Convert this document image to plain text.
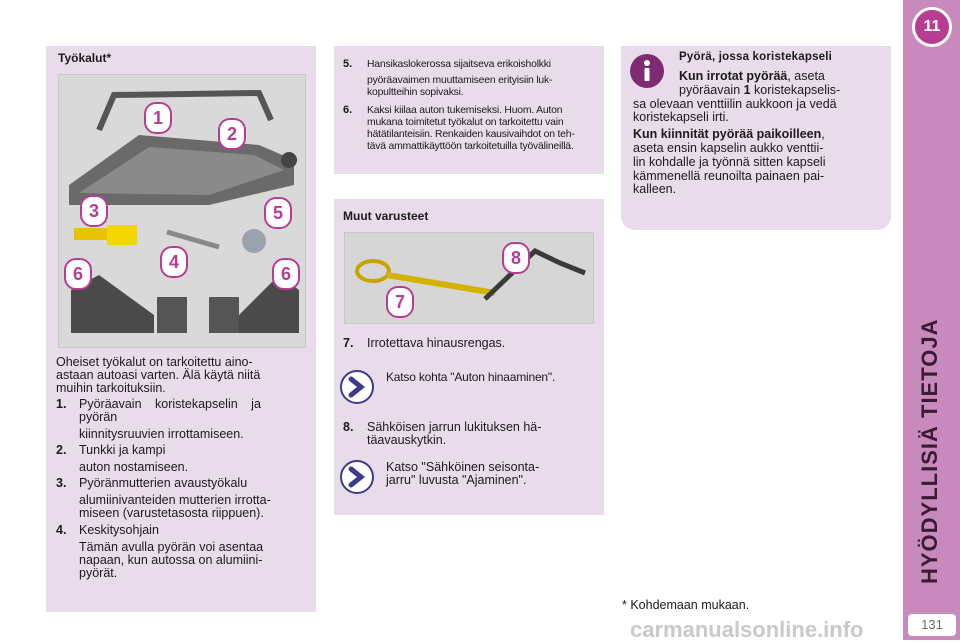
Työkalut*
1
2
3	5
6
4
6
Oheiset työkalut on tarkoitettu aino-
astaan autoasi varten. Älä käytä niitä
muihin tarkoituksiin.
1. Pyöräavain koristekapselin ja
pyörän
kiinnitysruuvien irrottamiseen.
2. Tunkki ja kampi
auton nostamiseen.
3. Pyöränmutterien avaustyökalu
alumiinivanteiden mutterien irrotta-
miseen (varustetasosta riippuen).
4. Keskitysohjain
Tämän avulla pyörän voi asentaa
napaan, kun autossa on alumiini-
pyörät.
5. Hansikaslokerossa sijaitseva erikoisholkki
pyöräavaimen muuttamiseen erityisiin luk-
kopultteihin sopivaksi.
6. Kaksi kiilaa auton tukemiseksi. Huom. Auton
mukana toimitetut työkalut on tarkoitettu vain
hätätilanteisiin. Renkaiden kausivaihdot on teh-
tävä ammattikäyttöön tarkoitetuilla työvälineillä.
Muut varusteet
8
7
7. Irrotettava hinausrengas.
Katso kohta "Auton hinaaminen".
8. Sähköisen jarrun lukituksen hä-
täavauskytkin.
Katso "Sähköinen seisonta-
jarru" luvusta "Ajaminen".
Pyörä, jossa koristekapseli
Kun irrotat pyörää, aseta
pyöräavain 1 koristekapselis-
sa olevaan venttiilin aukkoon ja vedä
koristekapseli irti.
Kun kiinnität pyörää paikoilleen,
aseta ensin kapselin aukko venttii-
lin kohdalle ja työnnä sitten kapseli
kämmenellä reunoilta painaen pai-
kalleen.
* Kohdemaan mukaan.
11
HYÖDYLLISIÄ TIETOJA
131
carmanualsonline.info
